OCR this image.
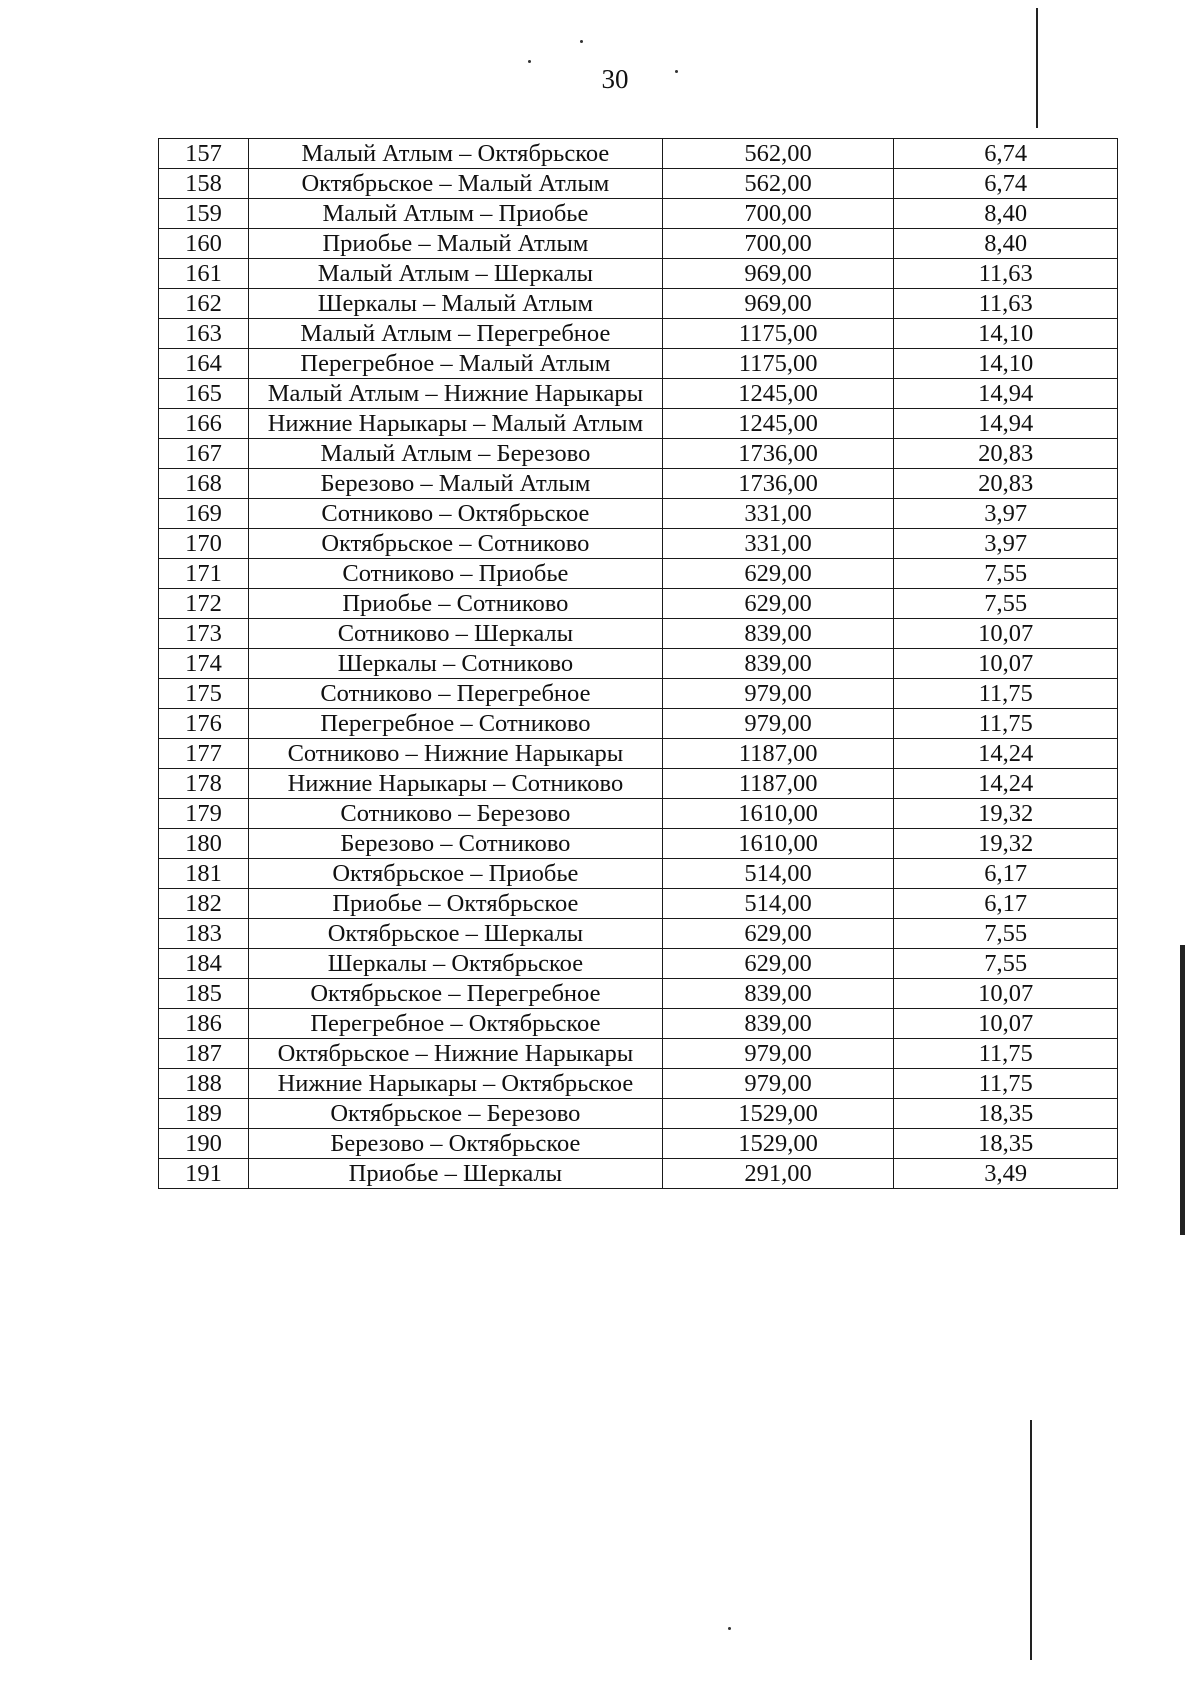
30
157	Малый Атлым – Октябрьское	562,00	6,74
158	Октябрьское – Малый Атлым	562,00	6,74
159	Малый Атлым – Приобье	700,00	8,40
160	Приобье – Малый Атлым	700,00	8,40
161	Малый Атлым – Шеркалы	969,00	11,63
162	Шеркалы – Малый Атлым	969,00	11,63
163	Малый Атлым – Перегребное	1175,00	14,10
164	Перегребное – Малый Атлым	1175,00	14,10
165	Малый Атлым – Нижние Нарыкары	1245,00	14,94
166	Нижние Нарыкары – Малый Атлым	1245,00	14,94
167	Малый Атлым – Березово	1736,00	20,83
168	Березово – Малый Атлым	1736,00	20,83
169	Сотниково – Октябрьское	331,00	3,97
170	Октябрьское – Сотниково	331,00	3,97
171	Сотниково – Приобье	629,00	7,55
172	Приобье – Сотниково	629,00	7,55
173	Сотниково – Шеркалы	839,00	10,07
174	Шеркалы – Сотниково	839,00	10,07
175	Сотниково – Перегребное	979,00	11,75
176	Перегребное – Сотниково	979,00	11,75
177	Сотниково – Нижние Нарыкары	1187,00	14,24
178	Нижние Нарыкары – Сотниково	1187,00	14,24
179	Сотниково – Березово	1610,00	19,32
180	Березово – Сотниково	1610,00	19,32
181	Октябрьское – Приобье	514,00	6,17
182	Приобье – Октябрьское	514,00	6,17
183	Октябрьское – Шеркалы	629,00	7,55
184	Шеркалы – Октябрьское	629,00	7,55
185	Октябрьское – Перегребное	839,00	10,07
186	Перегребное – Октябрьское	839,00	10,07
187	Октябрьское – Нижние Нарыкары	979,00	11,75
188	Нижние Нарыкары – Октябрьское	979,00	11,75
189	Октябрьское – Березово	1529,00	18,35
190	Березово – Октябрьское	1529,00	18,35
191	Приобье – Шеркалы	291,00	3,49
